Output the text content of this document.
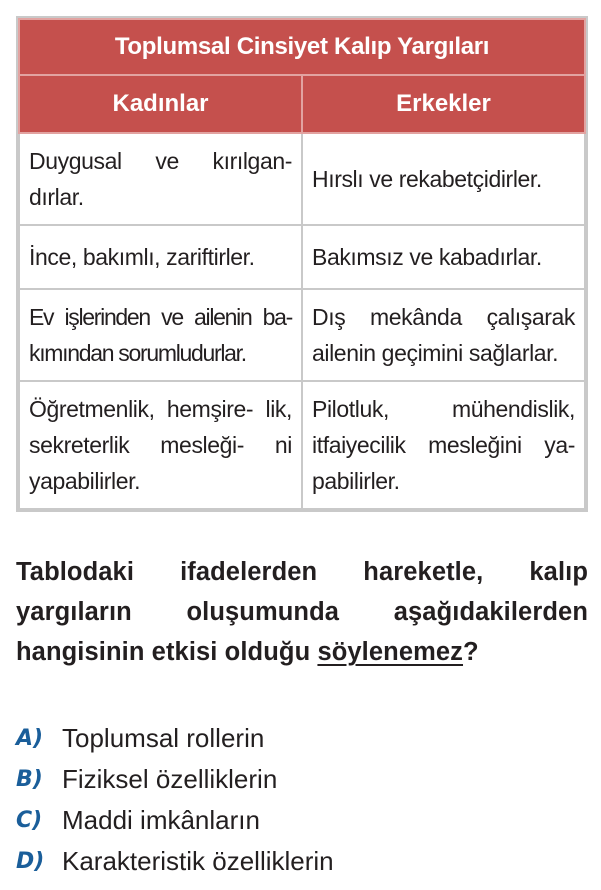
Toplumsal Cinsiyet Kalıp Yargıları	
Kadınlar	Erkekler
Duygusal ve kırılgan- dırlar.	Hırslı ve rekabetçidirler.
İnce, bakımlı, zariftirler.	Bakımsız ve kabadırlar.
Ev işlerinden ve ailenin ba- kımından sorumludurlar.	Dış mekânda çalışarak ailenin geçimini sağlarlar.
Öğretmenlik, hemşire- lik, sekreterlik mesleği- ni yapabilirler.	Pilotluk, mühendislik, itfaiyecilik mesleğini ya- pabilirler.
Tablodaki ifadelerden hareketle, kalıp yargıların oluşumunda aşağıdakilerden hangisinin etkisi olduğu söylenemez?
A) Toplumsal rollerin
B) Fiziksel özelliklerin
C) Maddi imkânların
D) Karakteristik özelliklerin
